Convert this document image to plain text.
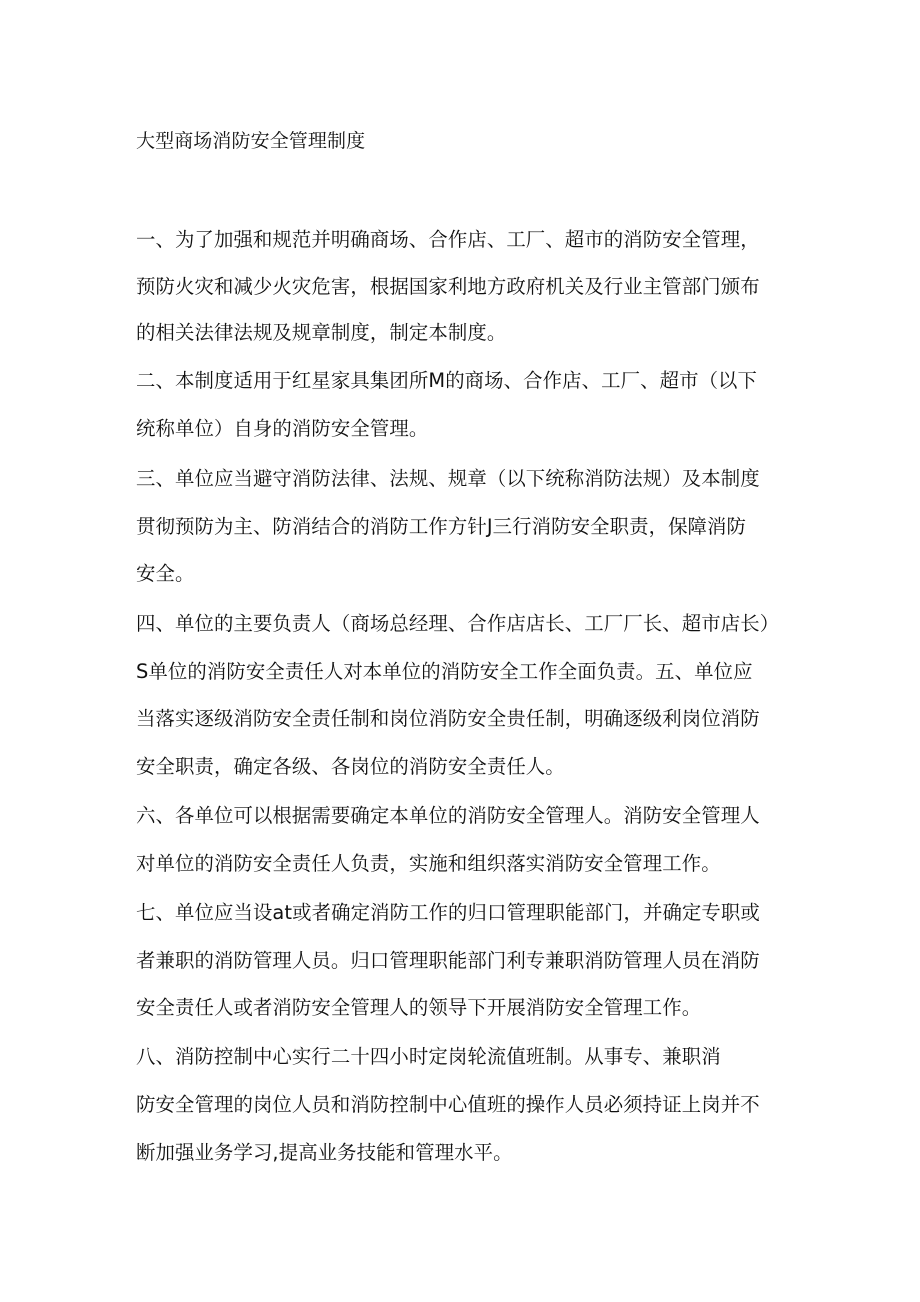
大型商场消防安全管理制度
一、为了加强和规范并明确商场、合作店、工厂、超市的消防安全管理，
预防火灾和减少火灾危害，根据国家利地方政府机关及行业主管部门颁布
的相关法律法规及规章制度，制定本制度。
二、本制度适用于红星家具集团所M的商场、合作店、工厂、超市（以下
统称单位）自身的消防安全管理。
三、单位应当避守消防法律、法规、规章（以下统称消防法规）及本制度
贯彻预防为主、防消结合的消防工作方针J三行消防安全职责，保障消防
安全。
四、单位的主要负责人（商场总经理、合作店店长、工厂厂长、超市店长）
S单位的消防安全责任人对本单位的消防安全工作全面负责。五、单位应
当落实逐级消防安全责任制和岗位消防安全贵任制，明确逐级利岗位消防
安全职责，确定各级、各岗位的消防安全责任人。
六、各单位可以根据需要确定本单位的消防安全管理人。消防安全管理人
对单位的消防安全责任人负责，实施和组织落实消防安全管理工作。
七、单位应当设at或者确定消防工作的归口管理职能部门，并确定专职或
者兼职的消防管理人员。归口管理职能部门利专兼职消防管理人员在消防
安全责任人或者消防安全管理人的领导下开展消防安全管理工作。
八、消防控制中心实行二十四小时定岗轮流值班制。从事专、兼职消
防安全管理的岗位人员和消防控制中心值班的操作人员必须持证上岗并不
断加强业务学习,提高业务技能和管理水平。
